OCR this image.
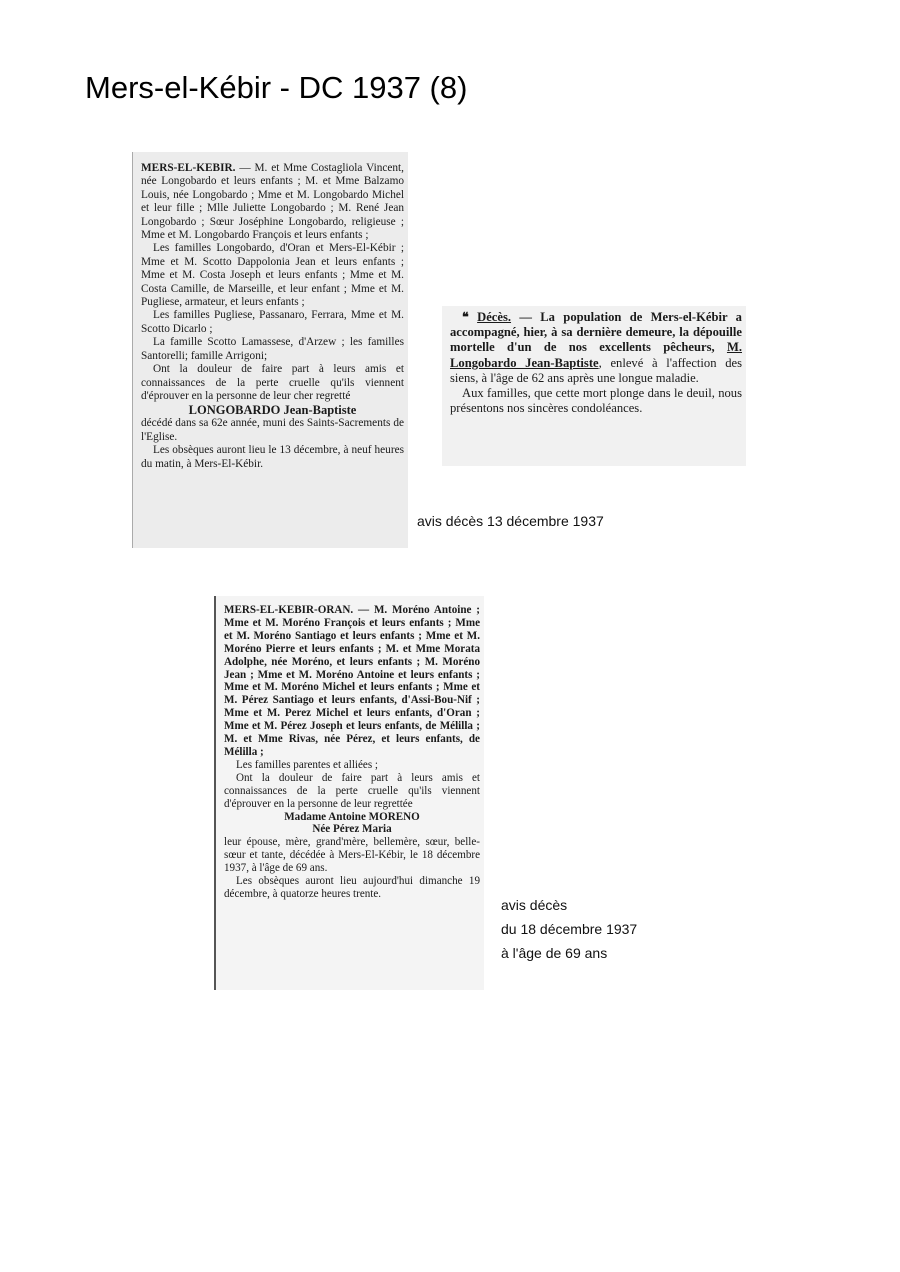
Mers-el-Kébir - DC 1937 (8)

MERS-EL-KEBIR. — M. et Mme Costagliola Vincent, née Longobardo et leurs enfants ; M. et Mme Balzamo Louis, née Longobardo ; Mme et M. Longobardo Michel et leur fille ; Mlle Juliette Longobardo ; M. René Jean Longobardo ; Sœur Joséphine Longobardo, religieuse ; Mme et M. Longobardo François et leurs enfants ;

Les familles Longobardo, d'Oran et Mers-El-Kébir ; Mme et M. Scotto Dappolonia Jean et leurs enfants ; Mme et M. Costa Joseph et leurs enfants ; Mme et M. Costa Camille, de Marseille, et leur enfant ; Mme et M. Pugliese, armateur, et leurs enfants ;

Les familles Pugliese, Passanaro, Ferrara, Mme et M. Scotto Dicarlo ;

La famille Scotto Lamassese, d'Arzew ; les familles Santorelli; famille Arrigoni;

Ont la douleur de faire part à leurs amis et connaissances de la perte cruelle qu'ils viennent d'éprouver en la personne de leur cher regretté

LONGOBARDO Jean-Baptiste

décédé dans sa 62e année, muni des Saints-Sacrements de l'Eglise.

Les obsèques auront lieu le 13 décembre, à neuf heures du matin, à Mers-El-Kébir.

❝ Décès. — La population de Mers-el-Kébir a accompagné, hier, à sa dernière demeure, la dépouille mortelle d'un de nos excellents pêcheurs, M. Longobardo Jean-Baptiste, enlevé à l'affection des siens, à l'âge de 62 ans après une longue maladie.

Aux familles, que cette mort plonge dans le deuil, nous présentons nos sincères condoléances.

avis décès 13 décembre 1937

MERS-EL-KEBIR-ORAN. — M. Moréno Antoine ; Mme et M. Moréno François et leurs enfants ; Mme et M. Moréno Santiago et leurs enfants ; Mme et M. Moréno Pierre et leurs enfants ; M. et Mme Morata Adolphe, née Moréno, et leurs enfants ; M. Moréno Jean ; Mme et M. Moréno Antoine et leurs enfants ; Mme et M. Moréno Michel et leurs enfants ; Mme et M. Pérez Santiago et leurs enfants, d'Assi-Bou-Nif ; Mme et M. Perez Michel et leurs enfants, d'Oran ; Mme et M. Pérez Joseph et leurs enfants, de Mélilla ; M. et Mme Rivas, née Pérez, et leurs enfants, de Mélilla ;

Les familles parentes et alliées ;

Ont la douleur de faire part à leurs amis et connaissances de la perte cruelle qu'ils viennent d'éprouver en la personne de leur regrettée

Madame Antoine MORENO

Née Pérez Maria

leur épouse, mère, grand'mère, bellemère, sœur, belle-sœur et tante, décédée à Mers-El-Kébir, le 18 décembre 1937, à l'âge de 69 ans.

Les obsèques auront lieu aujourd'hui dimanche 19 décembre, à quatorze heures trente.

avis décès
du 18 décembre 1937
à l'âge de 69 ans
